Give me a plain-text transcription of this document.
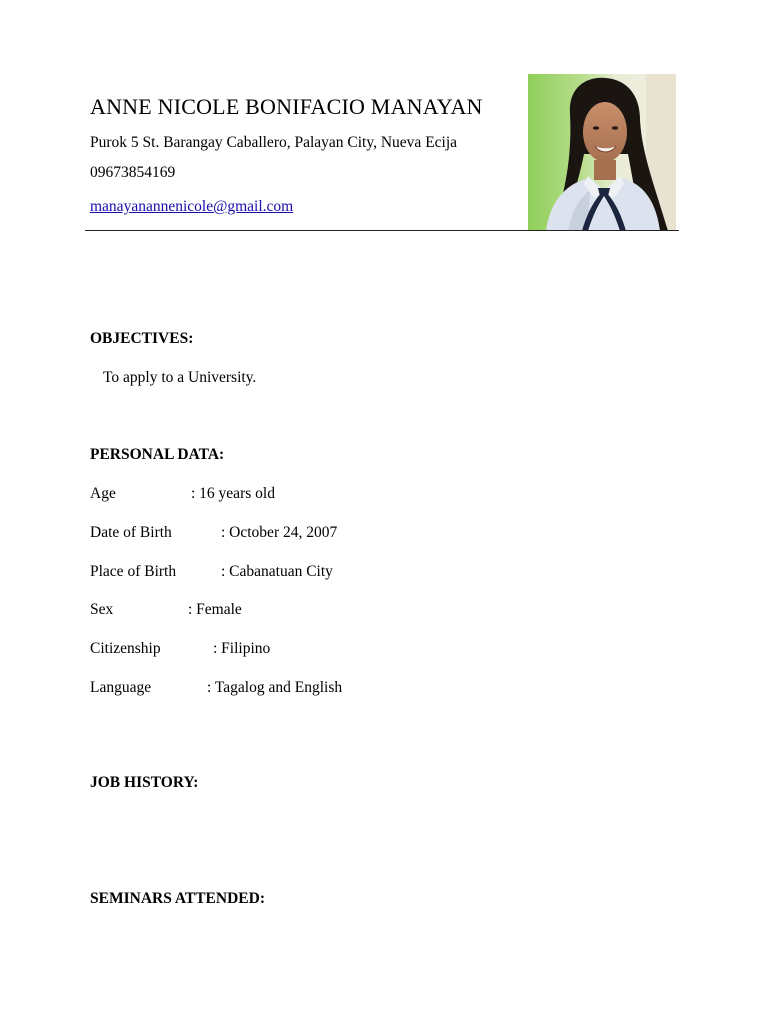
ANNE NICOLE BONIFACIO MANAYAN
Purok 5 St. Barangay Caballero, Palayan City, Nueva Ecija
09673854169
manayanannenicole@gmail.com
OBJECTIVES:
To apply to a University.
PERSONAL DATA:
Age	: 16 years old
Date of Birth	: October 24, 2007
Place of Birth	: Cabanatuan City
Sex	: Female
Citizenship	: Filipino
Language	: Tagalog and English
JOB HISTORY:
SEMINARS ATTENDED:
